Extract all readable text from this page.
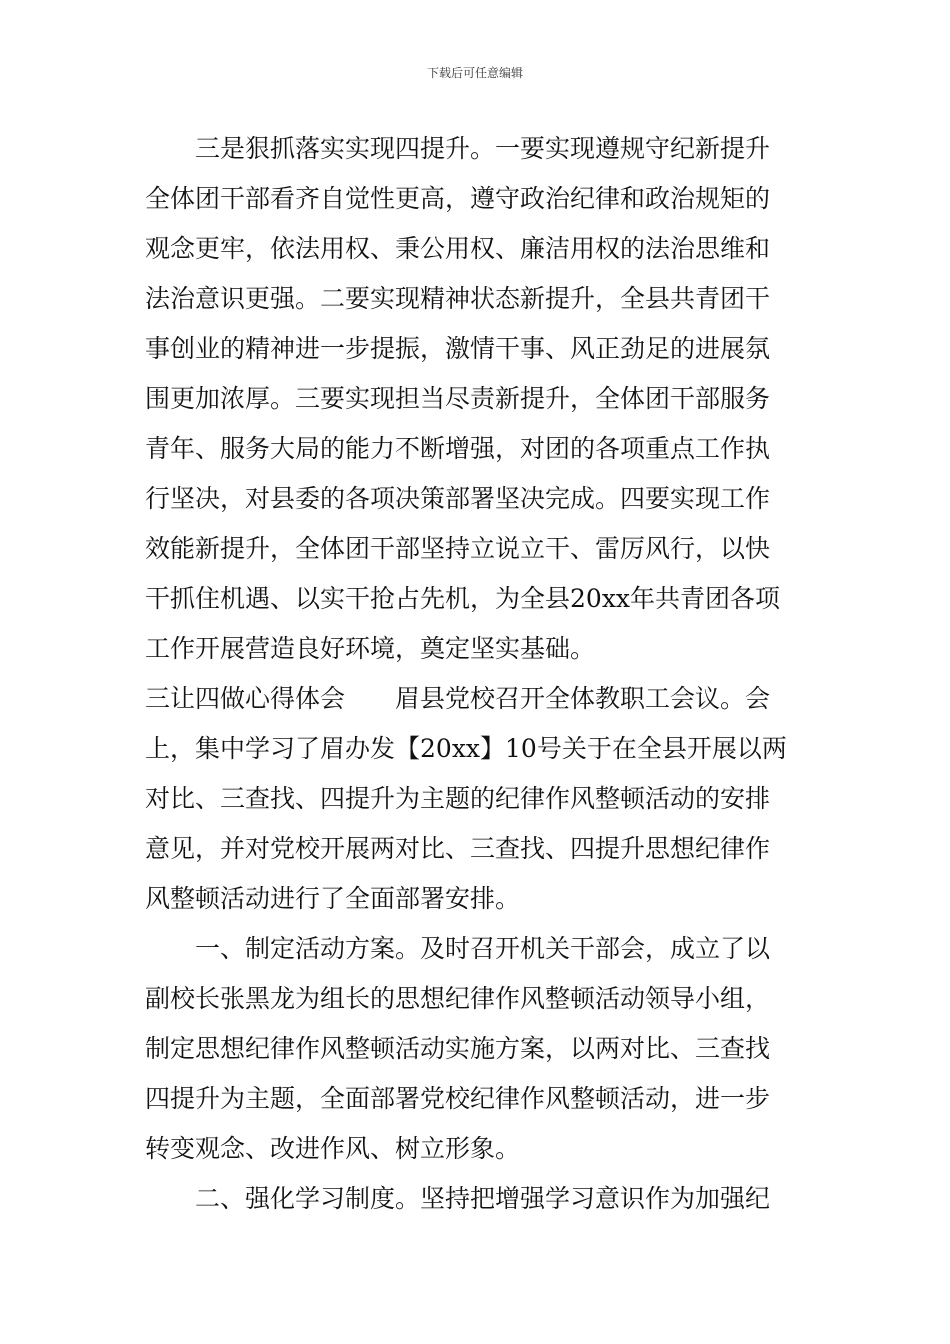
下载后可任意编辑
三是狠抓落实实现四提升。一要实现遵规守纪新提升
全体团干部看齐自觉性更高，遵守政治纪律和政治规矩的
观念更牢，依法用权、秉公用权、廉洁用权的法治思维和
法治意识更强。二要实现精神状态新提升，全县共青团干
事创业的精神进一步提振，激情干事、风正劲足的进展氛
围更加浓厚。三要实现担当尽责新提升，全体团干部服务
青年、服务大局的能力不断增强，对团的各项重点工作执
行坚决，对县委的各项决策部署坚决完成。四要实现工作
效能新提升，全体团干部坚持立说立干、雷厉风行，以快
干抓住机遇、以实干抢占先机，为全县20xx年共青团各项
工作开展营造良好环境，奠定坚实基础。
三让四做心得体会 眉县党校召开全体教职工会议。会
上，集中学习了眉办发【20xx】10号关于在全县开展以两
对比、三查找、四提升为主题的纪律作风整顿活动的安排
意见，并对党校开展两对比、三查找、四提升思想纪律作
风整顿活动进行了全面部署安排。
一、制定活动方案。及时召开机关干部会，成立了以
副校长张黑龙为组长的思想纪律作风整顿活动领导小组，
制定思想纪律作风整顿活动实施方案，以两对比、三查找
四提升为主题，全面部署党校纪律作风整顿活动，进一步
转变观念、改进作风、树立形象。
二、强化学习制度。坚持把增强学习意识作为加强纪
